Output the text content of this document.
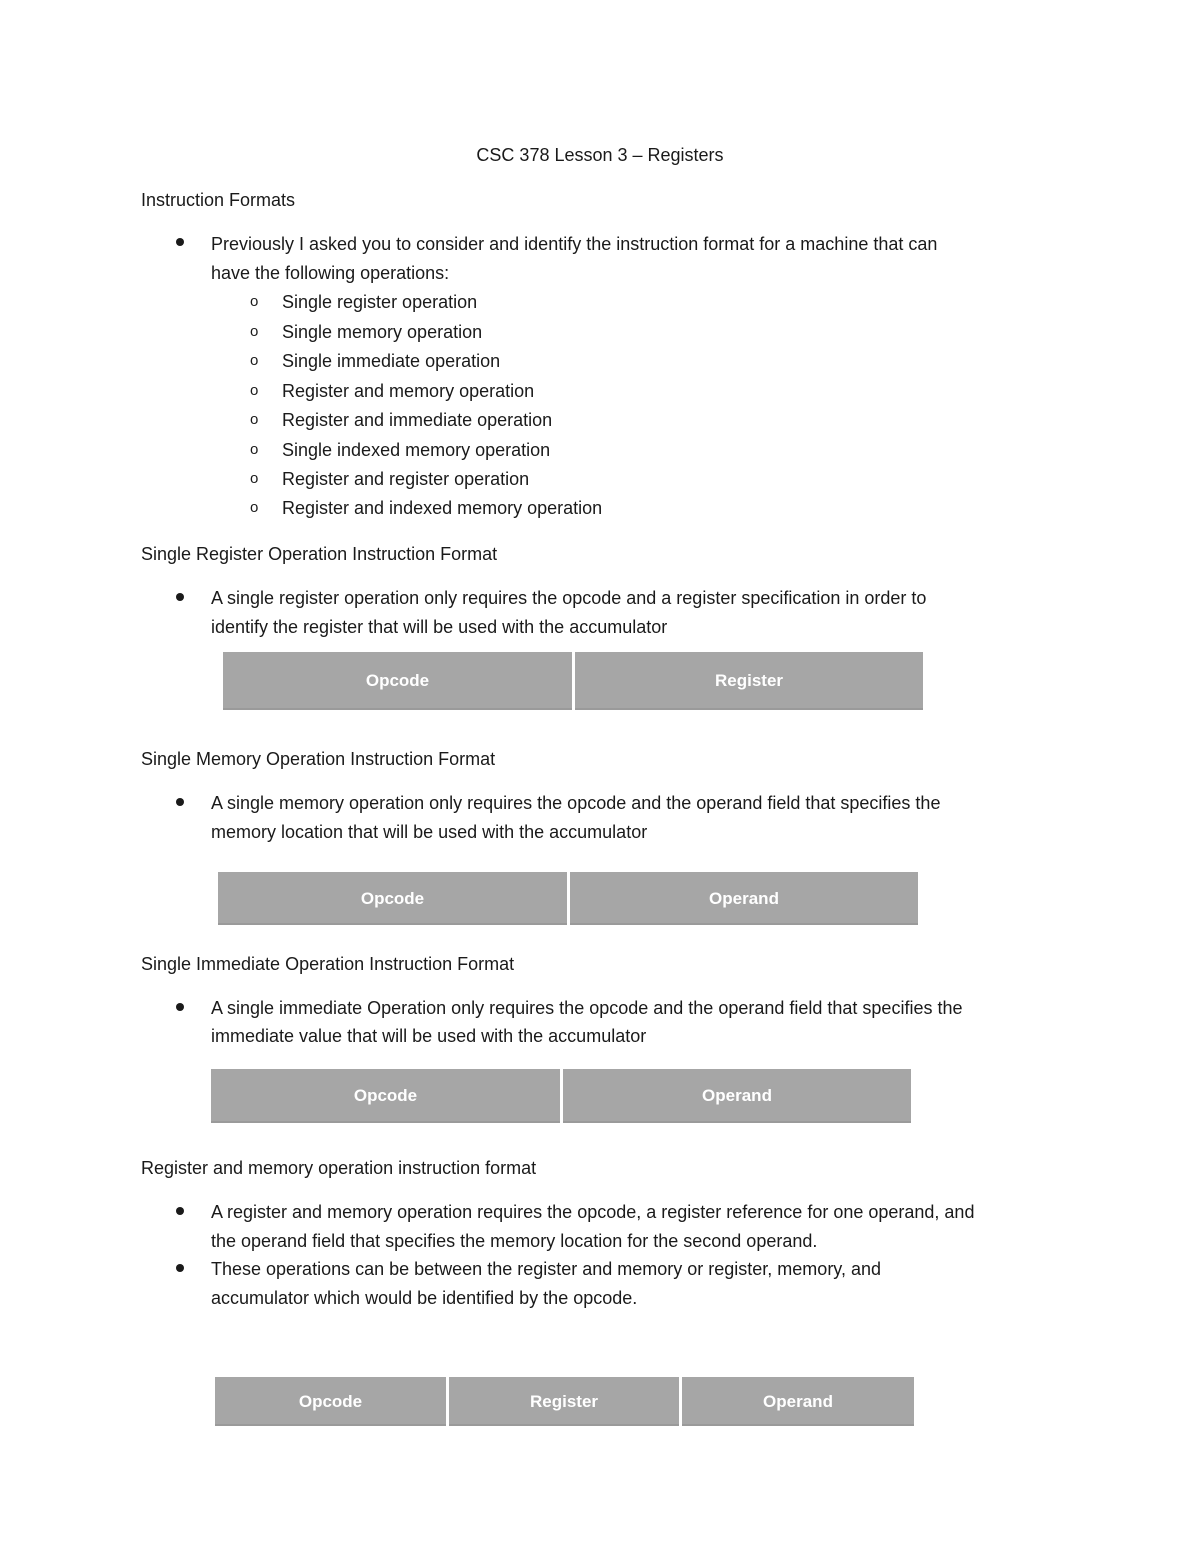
CSC 378 Lesson 3 – Registers
Instruction Formats
Previously I asked you to consider and identify the instruction format for a machine that can
have the following operations:
o Single register operation
o Single memory operation
o Single immediate operation
o Register and memory operation
o Register and immediate operation
o Single indexed memory operation
o Register and register operation
o Register and indexed memory operation
Single Register Operation Instruction Format
A single register operation only requires the opcode and a register specification in order to
identify the register that will be used with the accumulator
Opcode	Register
Single Memory Operation Instruction Format
A single memory operation only requires the opcode and the operand field that specifies the
memory location that will be used with the accumulator
Opcode	Operand
Single Immediate Operation Instruction Format
A single immediate Operation only requires the opcode and the operand field that specifies the
immediate value that will be used with the accumulator
Opcode	Operand
Register and memory operation instruction format
A register and memory operation requires the opcode, a register reference for one operand, and
the operand field that specifies the memory location for the second operand.
These operations can be between the register and memory or register, memory, and
accumulator which would be identified by the opcode.
Opcode	Register	Operand
